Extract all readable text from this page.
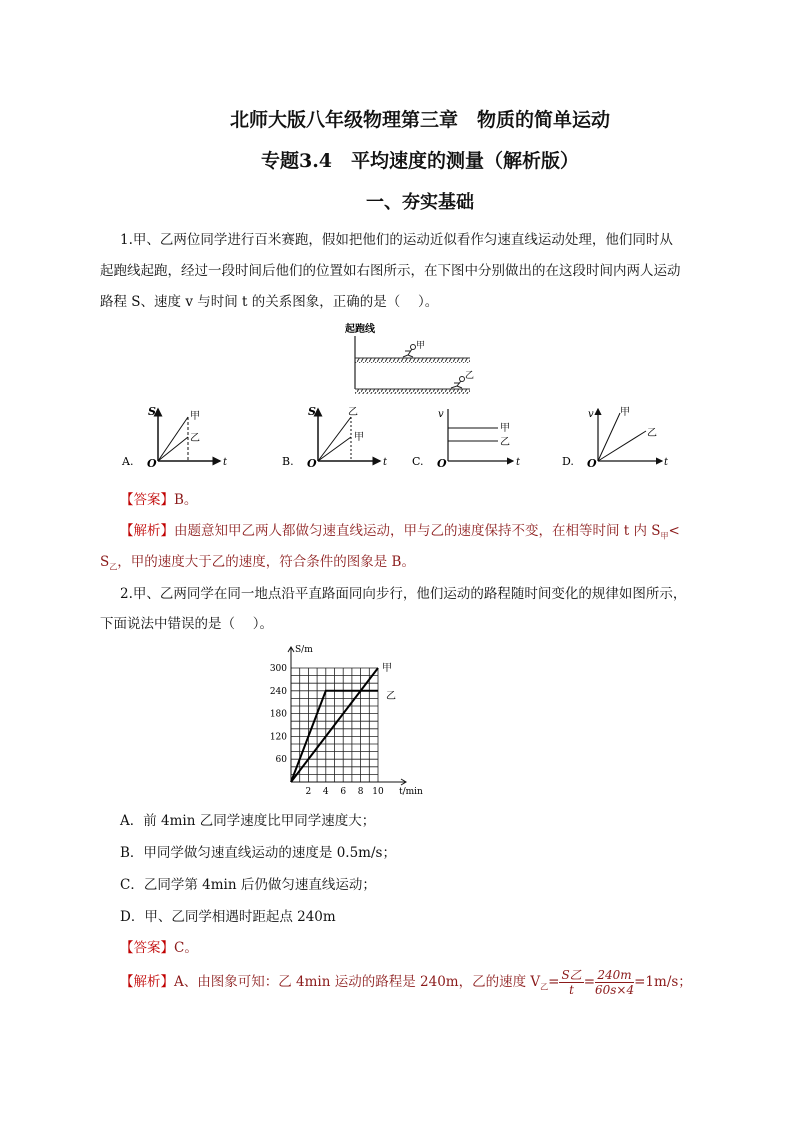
北师大版八年级物理第三章　物质的简单运动
专题3.4　平均速度的测量（解析版）
一、夯实基础
1.甲、乙两位同学进行百米赛跑，假如把他们的运动近似看作匀速直线运动处理，他们同时从
起跑线起跑，经过一段时间后他们的位置如右图所示，在下图中分别做出的在这段时间内两人运动
路程 S、速度 v 与时间 t 的关系图象，正确的是（　 ）。
起跑线
甲
乙
A.
S
t
O
甲
乙
B.
S
t
O
乙
甲
C.
v
t
O
甲
乙
D.
v
t
O
甲
乙
【答案】B。
【解析】由题意知甲乙两人都做匀速直线运动，甲与乙的速度保持不变，在相等时间 t 内 $S_甲<$
$S_乙$，甲的速度大于乙的速度，符合条件的图象是 B。
2.甲、乙两同学在同一地点沿平直路面同向步行，他们运动的路程随时间变化的规律如图所示，
下面说法中错误的是（　 ）。
S/m
t/min
60
120
180
240
300
2 4 6 8 10
甲
乙
A．前 4min 乙同学速度比甲同学速度大；
B．甲同学做匀速直线运动的速度是 0.5m/s；
C．乙同学第 4min 后仍做匀速直线运动；
D．甲、乙同学相遇时距起点 240m
【答案】C。
【解析】A、由图象可知：乙 4min 运动的路程是 240m，乙的速度 $V_乙= \frac{\text{S乙}}{t} = \frac{240m}{60s\times 4} =1m/s$；
